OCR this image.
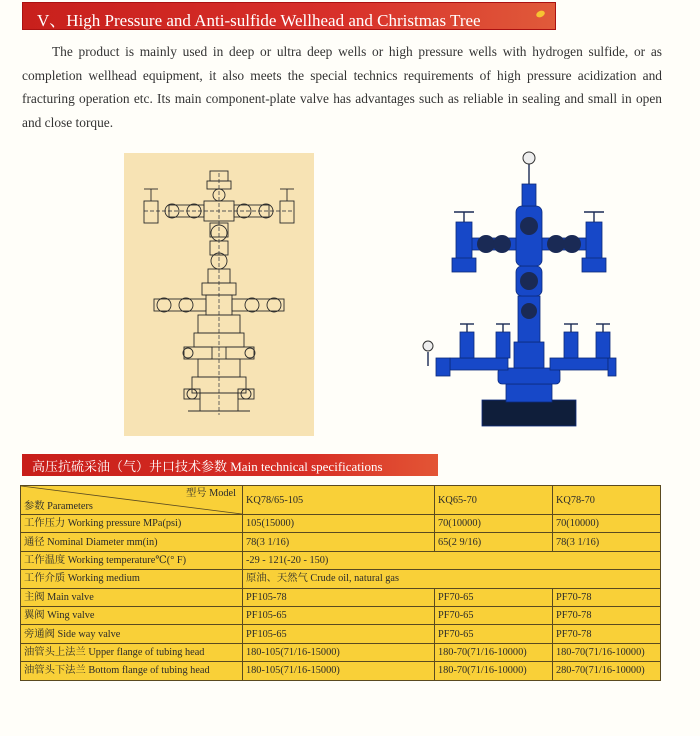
V、High Pressure and Anti-sulfide Wellhead and Christmas Tree

The product is mainly used in deep or ultra deep wells or high pressure wells with hydrogen sulfide, or as completion wellhead equipment, it also meets the special technics requirements of high pressure acidization and fracturing operation etc. Its main component-plate valve has advantages such as reliable in sealing and small in open and close torque.

高压抗硫采油（气）井口技术参数 Main technical specifications
型号 Model
参数 Parameters	KQ78/65-105	KQ65-70	KQ78-70
工作压力 Working pressure MPa(psi)	105(15000)	70(10000)	70(10000)
通径 Nominal Diameter mm(in)	78(3 1/16)	65(2 9/16)	78(3 1/16)
工作温度 Working temperature℃(° F)	-29 - 121(-20 - 150)		
工作介质 Working medium	原油、天然气 Crude oil, natural gas		
主阀 Main valve	PF105-78	PF70-65	PF70-78
翼阀 Wing valve	PF105-65	PF70-65	PF70-78
旁通阀 Side way valve	PF105-65	PF70-65	PF70-78
油管头上法兰 Upper flange of tubing head	180-105(71/16-15000)	180-70(71/16-10000)	180-70(71/16-10000)
油管头下法兰 Bottom flange of tubing head	180-105(71/16-15000)	180-70(71/16-10000)	280-70(71/16-10000)
